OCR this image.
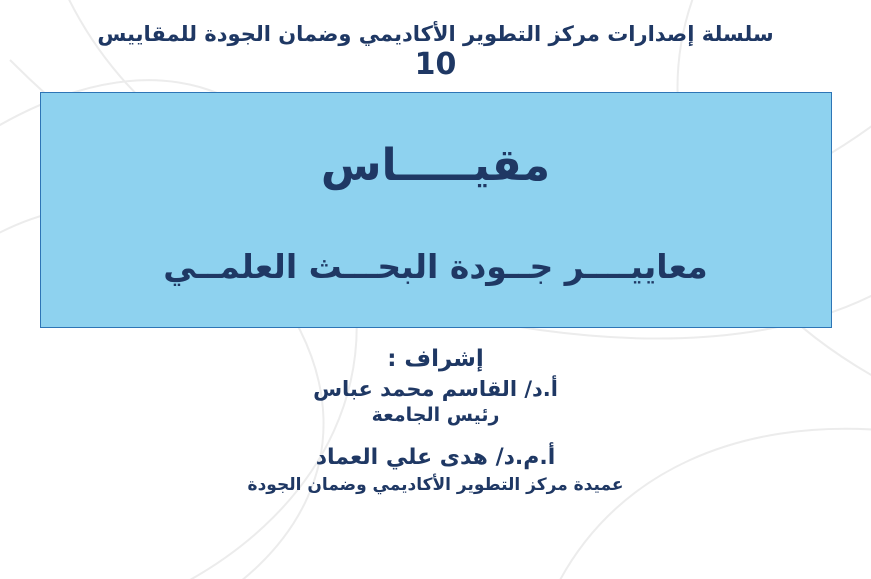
سلسلة إصدارات مركز التطوير الأكاديمي وضمان الجودة للمقاييس
10
مقيـــــاس
معاييــــر جــودة البحـــث العلمــي
إشراف :
أ.د/ القاسم محمد عباس
رئيس الجامعة
أ.م.د/ هدى علي العماد
عميدة مركز التطوير الأكاديمي وضمان الجودة
